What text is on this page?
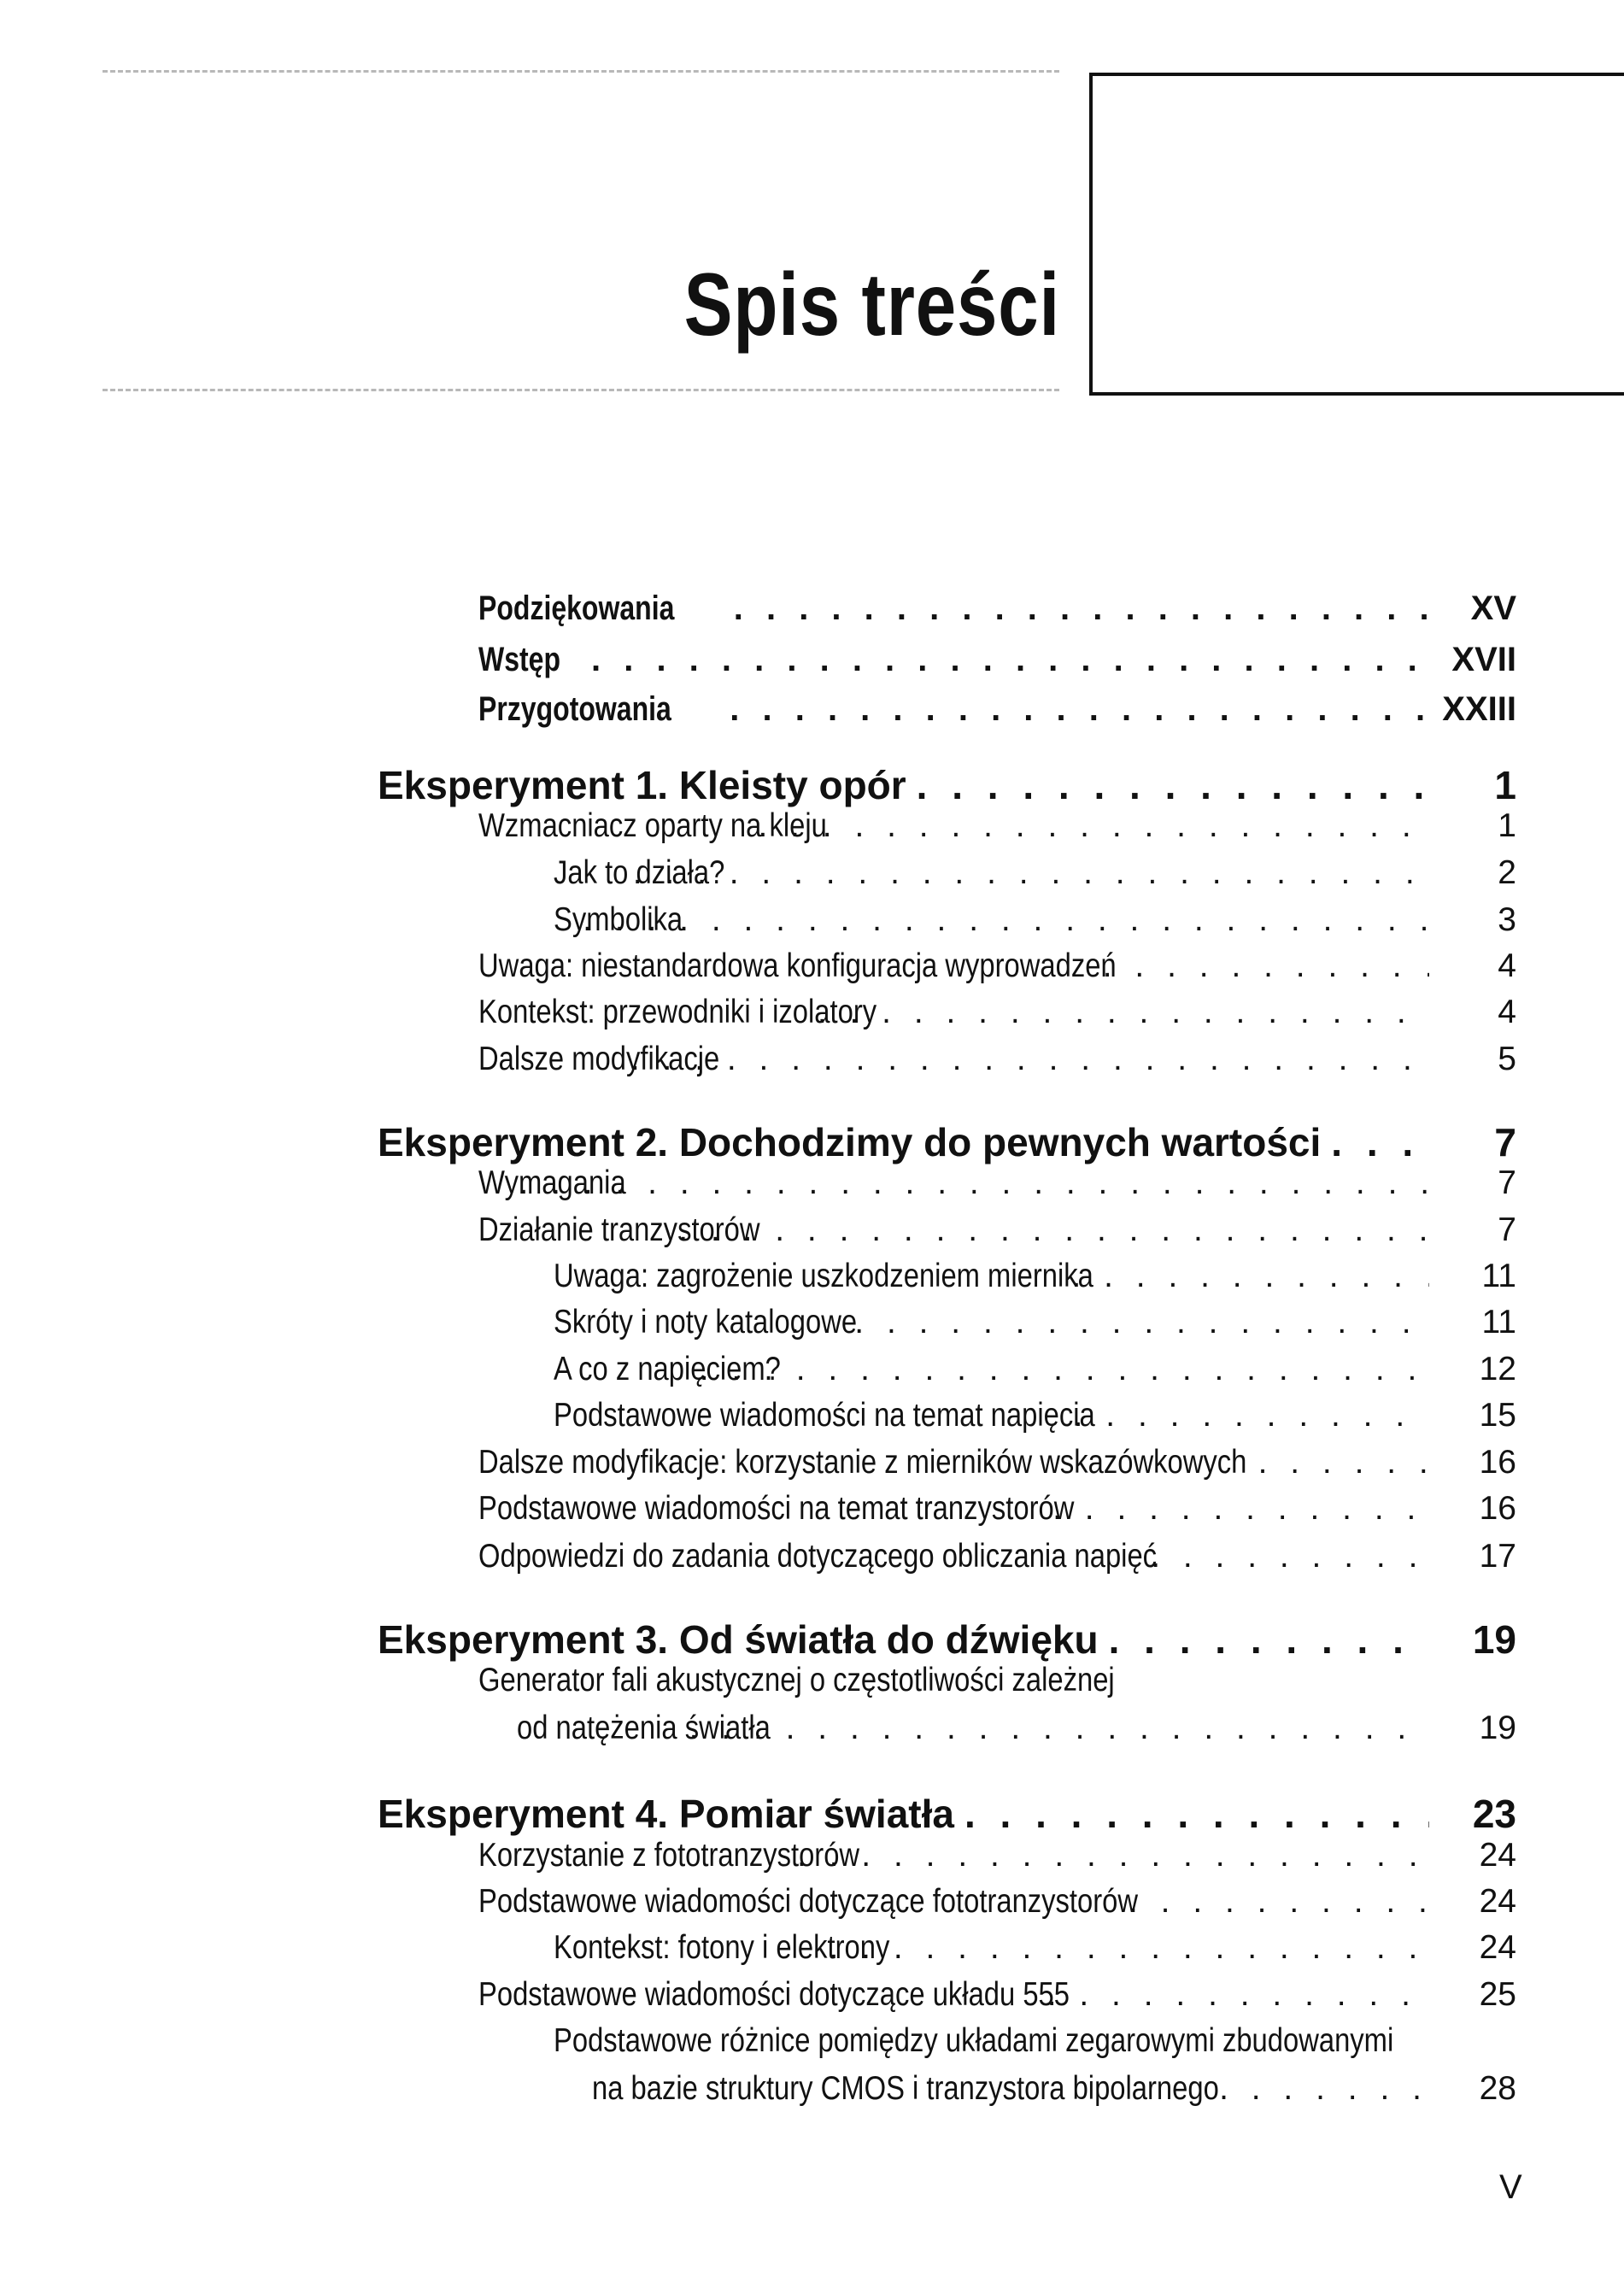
Spis treści
Podziękowania . . .	XV
Wstęp . . .	XVII
Przygotowania . . .	XXIII
Eksperyment 1. Kleisty opór . . .	1
Wzmacniacz oparty na kleju . . .	1
Jak to działa? . . .	2
Symbolika . . .	3
Uwaga: niestandardowa konfiguracja wyprowadzeń . . .	4
Kontekst: przewodniki i izolatory . . .	4
Dalsze modyfikacje . . .	5
Eksperyment 2. Dochodzimy do pewnych wartości . . .	7
Wymagania . . .	7
Działanie tranzystorów . . .	7
Uwaga: zagrożenie uszkodzeniem miernika . . .	11
Skróty i noty katalogowe . . .	11
A co z napięciem? . . .	12
Podstawowe wiadomości na temat napięcia . . .	15
Dalsze modyfikacje: korzystanie z mierników wskazówkowych . . .	16
Podstawowe wiadomości na temat tranzystorów . . .	16
Odpowiedzi do zadania dotyczącego obliczania napięć . . .	17
Eksperyment 3. Od światła do dźwięku . . .	19
Generator fali akustycznej o częstotliwości zależnej
od natężenia światła . . .	19
Eksperyment 4. Pomiar światła . . .	23
Korzystanie z fototranzystorów . . .	24
Podstawowe wiadomości dotyczące fototranzystorów . . .	24
Kontekst: fotony i elektrony . . .	24
Podstawowe wiadomości dotyczące układu 555 . . .	25
Podstawowe różnice pomiędzy układami zegarowymi zbudowanymi
na bazie struktury CMOS i tranzystora bipolarnego . . .	28
V
